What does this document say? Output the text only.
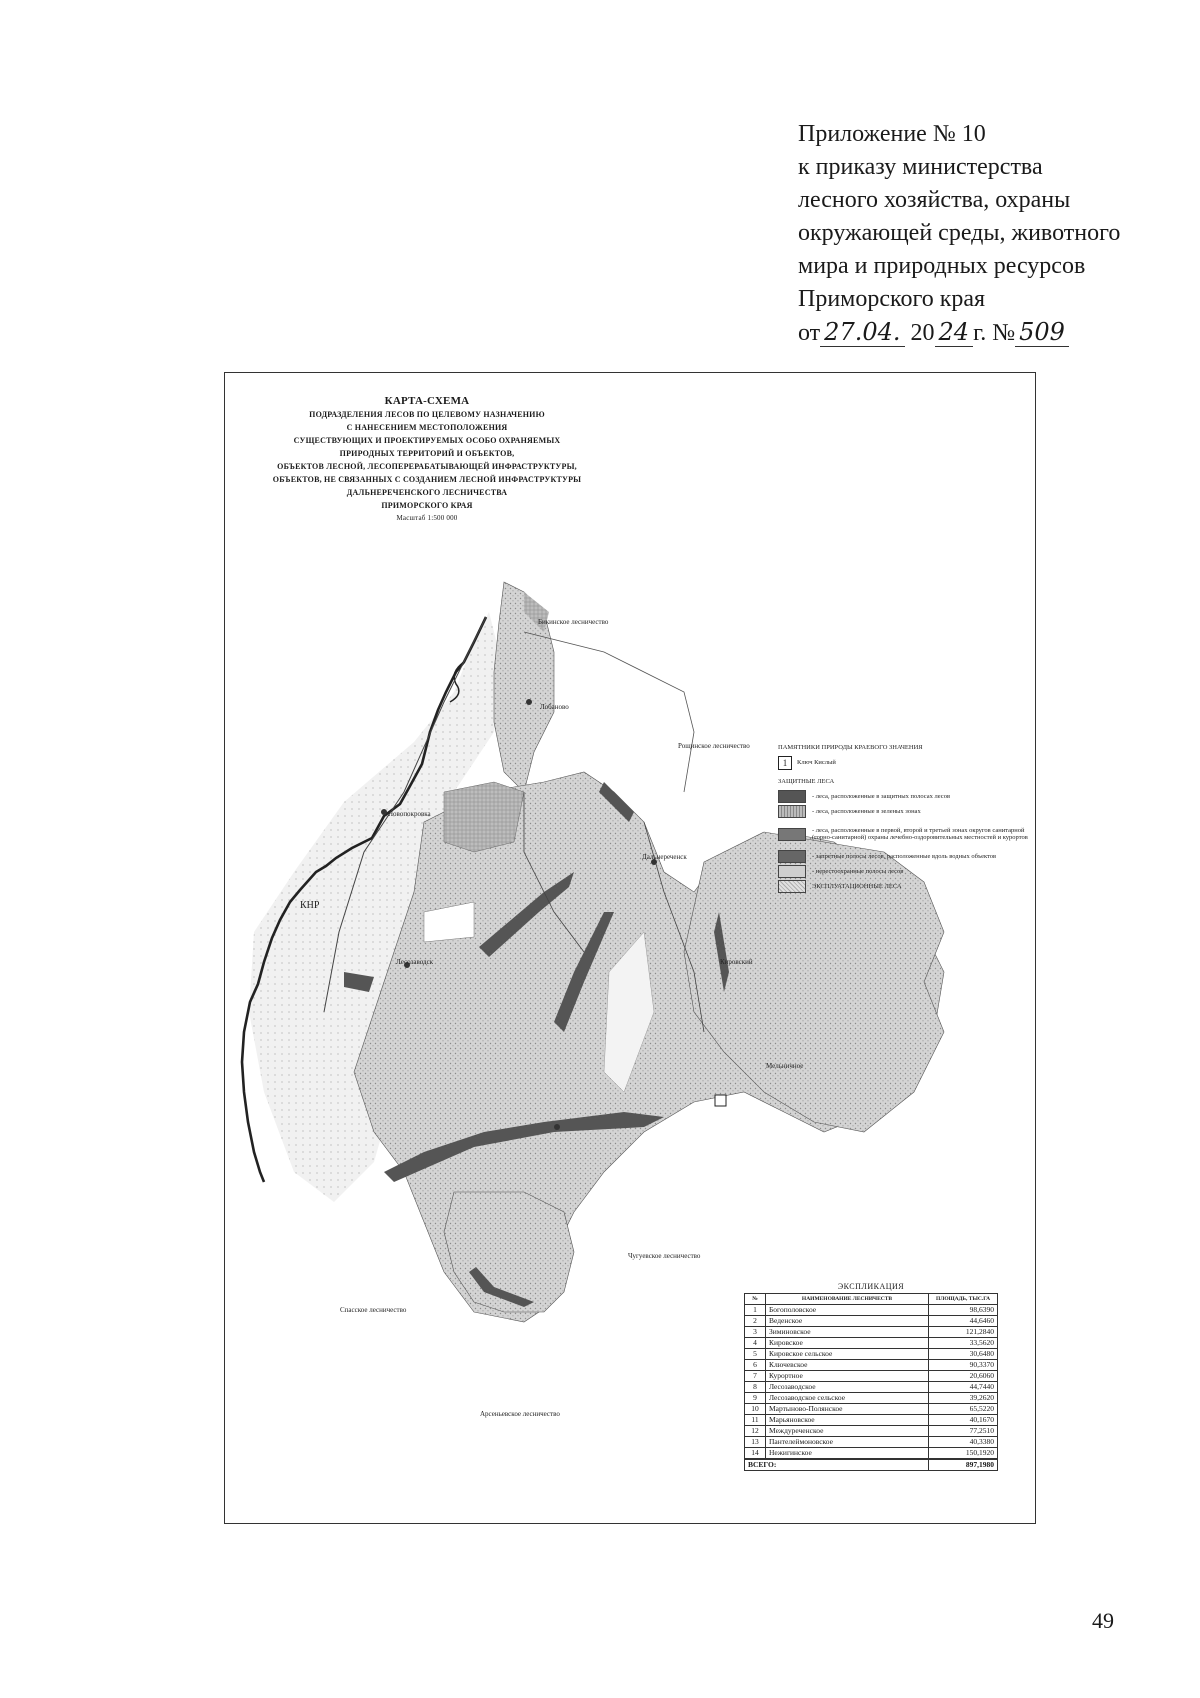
Приложение № 10
к приказу министерства
лесного хозяйства, охраны
окружающей среды, животного
мира и природных ресурсов
Приморского края
от 27.04. 20 24 г. № 509
КАРТА-СХЕМА
ПОДРАЗДЕЛЕНИЯ ЛЕСОВ ПО ЦЕЛЕВОМУ НАЗНАЧЕНИЮ
С НАНЕСЕНИЕМ МЕСТОПОЛОЖЕНИЯ
СУЩЕСТВУЮЩИХ И ПРОЕКТИРУЕМЫХ ОСОБО ОХРАНЯЕМЫХ
ПРИРОДНЫХ ТЕРРИТОРИЙ И ОБЪЕКТОВ,
ОБЪЕКТОВ ЛЕСНОЙ, ЛЕСОПЕРЕРАБАТЫВАЮЩЕЙ ИНФРАСТРУКТУРЫ,
ОБЪЕКТОВ, НЕ СВЯЗАННЫХ С СОЗДАНИЕМ ЛЕСНОЙ ИНФРАСТРУКТУРЫ
ДАЛЬНЕРЕЧЕНСКОГО ЛЕСНИЧЕСТВА
ПРИМОРСКОГО КРАЯ
Масштаб 1:500 000
Бикинское лесничество
Рощинское лесничество
КНР
Чугуевское лесничество
Спасское лесничество
Арсеньевское лесничество
Лобаново
Дальнереченск
Лесозаводск	Кировский
Новопокровка
Мельничное
ПАМЯТНИКИ ПРИРОДЫ КРАЕВОГО ЗНАЧЕНИЯ
1	Ключ Кислый
ЗАЩИТНЫЕ ЛЕСА
- леса, расположенные в защитных полосах лесов
- леса, расположенные в зеленых зонах
- леса, расположенные в первой, второй и третьей зонах округов санитарной (горно-санитарной) охраны лечебно-оздоровительных местностей и курортов
- запретные полосы лесов, расположенные вдоль водных объектов
- нерестоохранные полосы лесов
ЭКСПЛУАТАЦИОННЫЕ ЛЕСА
ЭКСПЛИКАЦИЯ
№	НАИМЕНОВАНИЕ ЛЕСНИЧЕСТВ	ПЛОЩАДЬ, ТЫС.ГА
1	Богополовское	98,6390
2	Веденское	44,6460
3	Зиминовское	121,2840
4	Кировское	33,5620
5	Кировское сельское	30,6480
6	Ключевское	90,3370
7	Курортное	20,6060
8	Лесозаводское	44,7440
9	Лесозаводское сельское	39,2620
10	Мартыново-Полянское	65,5220
11	Марьяновское	40,1670
12	Междуреченское	77,2510
13	Пантелеймоновское	40,3380
14	Нежигинское	150,1920
ВСЕГО:		897,1980
49
